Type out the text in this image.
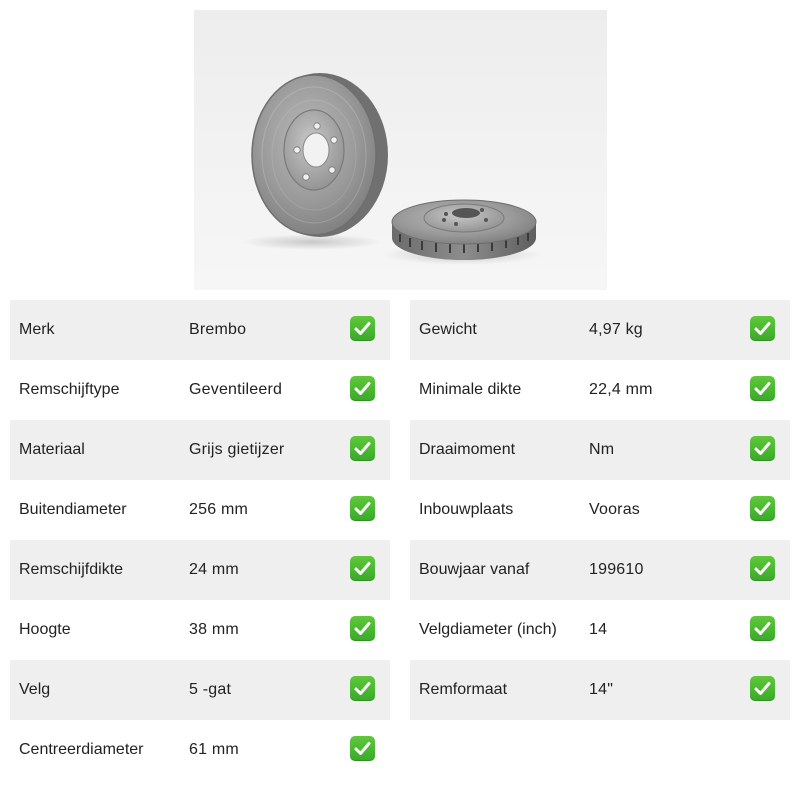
Merk	Brembo
Remschijftype	Geventileerd
Materiaal	Grijs gietijzer
Buitendiameter	256 mm
Remschijfdikte	24 mm
Hoogte	38 mm
Velg	5 -gat
Centreerdiameter	61 mm
Gewicht	4,97 kg
Minimale dikte	22,4 mm
Draaimoment	Nm
Inbouwplaats	Vooras
Bouwjaar vanaf	199610
Velgdiameter (inch) 14
Remformaat	14"
